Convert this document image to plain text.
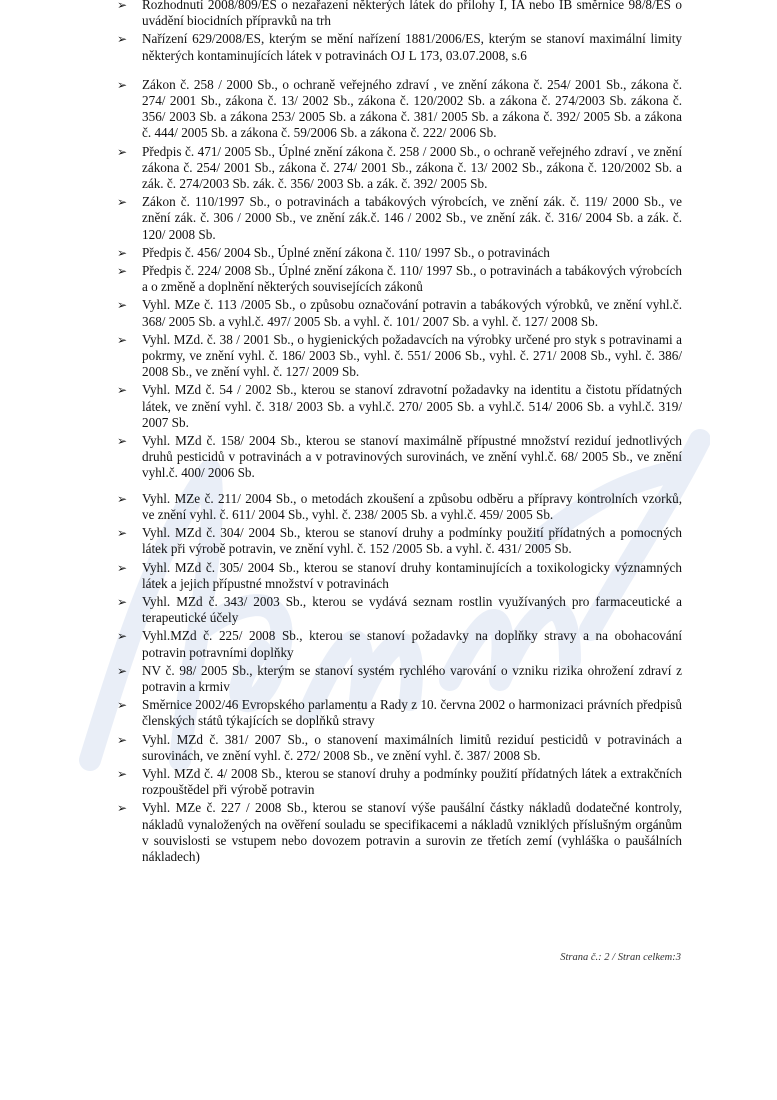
➢ Rozhodnutí 2008/809/ES o nezařazení některých látek do přílohy I, IA nebo IB směrnice 98/8/ES o uvádění biocidních přípravků na trh
➢ Nařízení 629/2008/ES, kterým se mění nařízení 1881/2006/ES, kterým se stanoví maximální limity některých kontaminujících látek v potravinách OJ L 173, 03.07.2008, s.6
➢ Zákon č. 258 / 2000 Sb., o ochraně veřejného zdraví , ve znění zákona č. 254/ 2001 Sb., zákona č. 274/ 2001 Sb., zákona č. 13/ 2002 Sb., zákona č. 120/2002 Sb. a zákona č. 274/2003 Sb. zákona č. 356/ 2003 Sb. a zákona 253/ 2005 Sb. a zákona č. 381/ 2005 Sb. a zákona č. 392/ 2005 Sb. a zákona č. 444/ 2005 Sb. a zákona č. 59/2006 Sb. a zákona č. 222/ 2006 Sb.
➢ Předpis č. 471/ 2005 Sb., Úplné znění zákona č. 258 / 2000 Sb., o ochraně veřejného zdraví , ve znění zákona č. 254/ 2001 Sb., zákona č. 274/ 2001 Sb., zákona č. 13/ 2002 Sb., zákona č. 120/2002 Sb. a zák. č. 274/2003 Sb. zák. č. 356/ 2003 Sb. a zák. č. 392/ 2005 Sb.
➢ Zákon č. 110/1997 Sb., o potravinách a tabákových výrobcích, ve znění zák. č. 119/ 2000 Sb., ve znění zák. č. 306 / 2000 Sb., ve znění zák.č. 146 / 2002 Sb., ve znění zák. č. 316/ 2004 Sb. a zák. č. 120/ 2008 Sb.
➢ Předpis č. 456/ 2004 Sb., Úplné znění zákona č. 110/ 1997 Sb., o potravinách
➢ Předpis č. 224/ 2008 Sb., Úplné znění zákona č. 110/ 1997 Sb., o potravinách a tabákových výrobcích a o změně a doplnění některých souvisejících zákonů
➢ Vyhl. MZe č. 113 /2005 Sb., o způsobu označování potravin a tabákových výrobků, ve znění vyhl.č. 368/ 2005 Sb. a vyhl.č. 497/ 2005 Sb. a vyhl. č. 101/ 2007 Sb. a vyhl. č. 127/ 2008 Sb.
➢ Vyhl. MZd. č. 38 / 2001 Sb., o hygienických požadavcích na výrobky určené pro styk s potravinami a pokrmy, ve znění vyhl. č. 186/ 2003 Sb., vyhl. č. 551/ 2006 Sb., vyhl. č. 271/ 2008 Sb., vyhl. č. 386/ 2008 Sb., ve znění vyhl. č. 127/ 2009 Sb.
➢ Vyhl. MZd č. 54 / 2002 Sb., kterou se stanoví zdravotní požadavky na identitu a čistotu přídatných látek, ve znění vyhl. č. 318/ 2003 Sb. a vyhl.č. 270/ 2005 Sb. a vyhl.č. 514/ 2006 Sb. a vyhl.č. 319/ 2007 Sb.
➢ Vyhl. MZd č. 158/ 2004 Sb., kterou se stanoví maximálně přípustné množství reziduí jednotlivých druhů pesticidů v potravinách a v potravinových surovinách, ve znění vyhl.č. 68/ 2005 Sb., ve znění vyhl.č. 400/ 2006 Sb.
➢ Vyhl. MZe č. 211/ 2004 Sb., o metodách zkoušení a způsobu odběru a přípravy kontrolních vzorků, ve znění vyhl. č. 611/ 2004 Sb., vyhl. č. 238/ 2005 Sb. a vyhl.č. 459/ 2005 Sb.
➢ Vyhl. MZd č. 304/ 2004 Sb., kterou se stanoví druhy a podmínky použití přídatných a pomocných látek při výrobě potravin, ve znění vyhl. č. 152 /2005 Sb. a vyhl. č. 431/ 2005 Sb.
➢ Vyhl. MZd č. 305/ 2004 Sb., kterou se stanoví druhy kontaminujících a toxikologicky významných látek a jejich přípustné množství v potravinách
➢ Vyhl. MZd č. 343/ 2003 Sb., kterou se vydává seznam rostlin využívaných pro farmaceutické a terapeutické účely
➢ Vyhl.MZd č. 225/ 2008 Sb., kterou se stanoví požadavky na doplňky stravy a na obohacování potravin potravními doplňky
➢ NV č. 98/ 2005 Sb., kterým se stanoví systém rychlého varování o vzniku rizika ohrožení zdraví z potravin a krmiv
➢ Směrnice 2002/46 Evropského parlamentu a Rady z 10. června 2002 o harmonizaci právních předpisů členských států týkajících se doplňků stravy
➢ Vyhl. MZd č. 381/ 2007 Sb., o stanovení maximálních limitů reziduí pesticidů v potravinách a surovinách, ve znění vyhl. č. 272/ 2008 Sb., ve znění vyhl. č. 387/ 2008 Sb.
➢ Vyhl. MZd č. 4/ 2008 Sb., kterou se stanoví druhy a podmínky použití přídatných látek a extrakčních rozpouštědel při výrobě potravin
➢ Vyhl. MZe č. 227 / 2008 Sb., kterou se stanoví výše paušální částky nákladů dodatečné kontroly, nákladů vynaložených na ověření souladu se specifikacemi a nákladů vzniklých příslušným orgánům v souvislosti se vstupem nebo dovozem potravin a surovin ze třetích zemí (vyhláška o paušálních nákladech)
Strana č.: 2 / Stran celkem:3
